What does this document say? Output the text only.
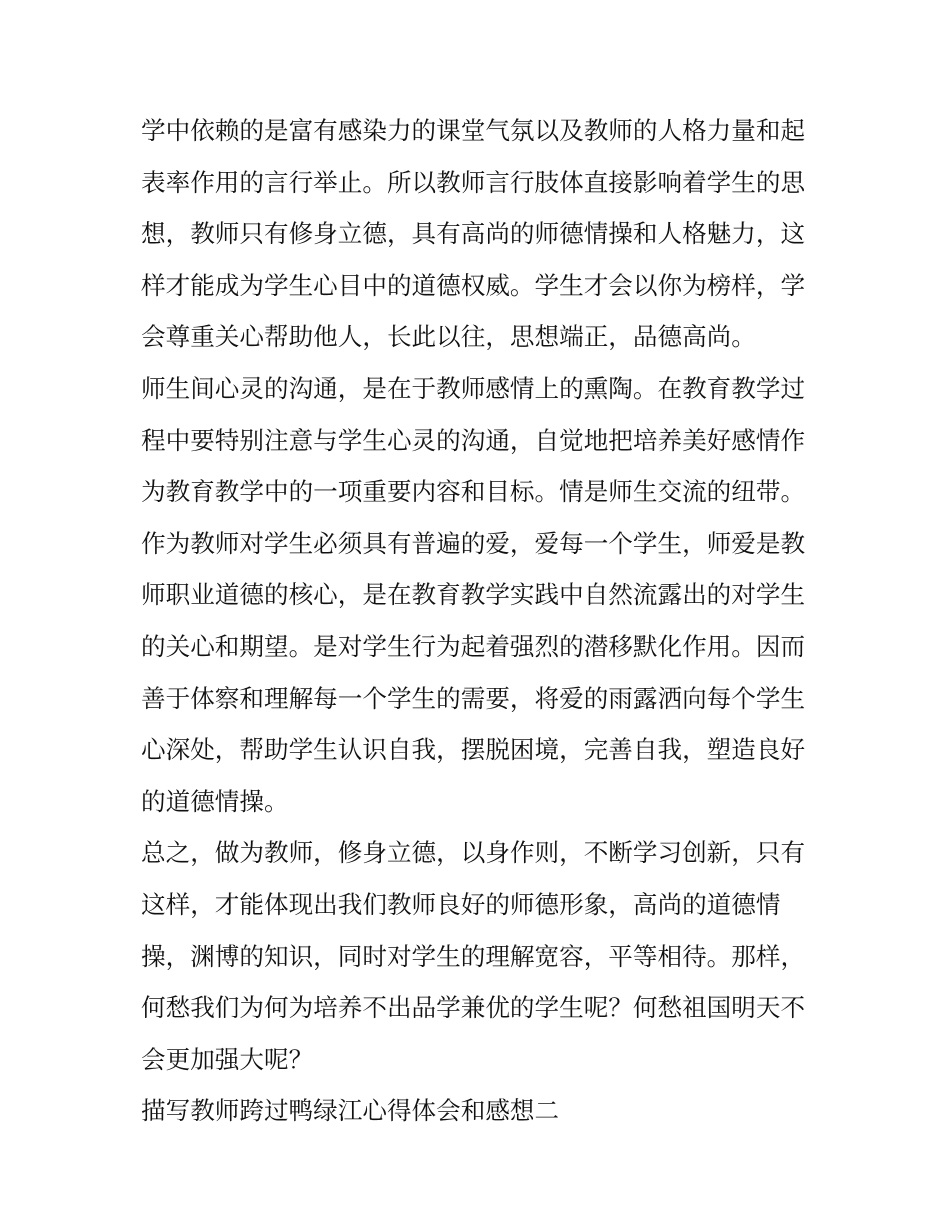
学中依赖的是富有感染力的课堂气氛以及教师的人格力量和起
表率作用的言行举止。所以教师言行肢体直接影响着学生的思
想，教师只有修身立德，具有高尚的师德情操和人格魅力，这
样才能成为学生心目中的道德权威。学生才会以你为榜样，学
会尊重关心帮助他人，长此以往，思想端正，品德高尚。
师生间心灵的沟通，是在于教师感情上的熏陶。在教育教学过
程中要特别注意与学生心灵的沟通，自觉地把培养美好感情作
为教育教学中的一项重要内容和目标。情是师生交流的纽带。
作为教师对学生必须具有普遍的爱，爱每一个学生，师爱是教
师职业道德的核心，是在教育教学实践中自然流露出的对学生
的关心和期望。是对学生行为起着强烈的潜移默化作用。因而
善于体察和理解每一个学生的需要，将爱的雨露洒向每个学生
心深处，帮助学生认识自我，摆脱困境，完善自我，塑造良好
的道德情操。
总之，做为教师，修身立德，以身作则，不断学习创新，只有
这样，才能体现出我们教师良好的师德形象，高尚的道德情
操，渊博的知识，同时对学生的理解宽容，平等相待。那样，
何愁我们为何为培养不出品学兼优的学生呢？何愁祖国明天不
会更加强大呢？
描写教师跨过鸭绿江心得体会和感想二
